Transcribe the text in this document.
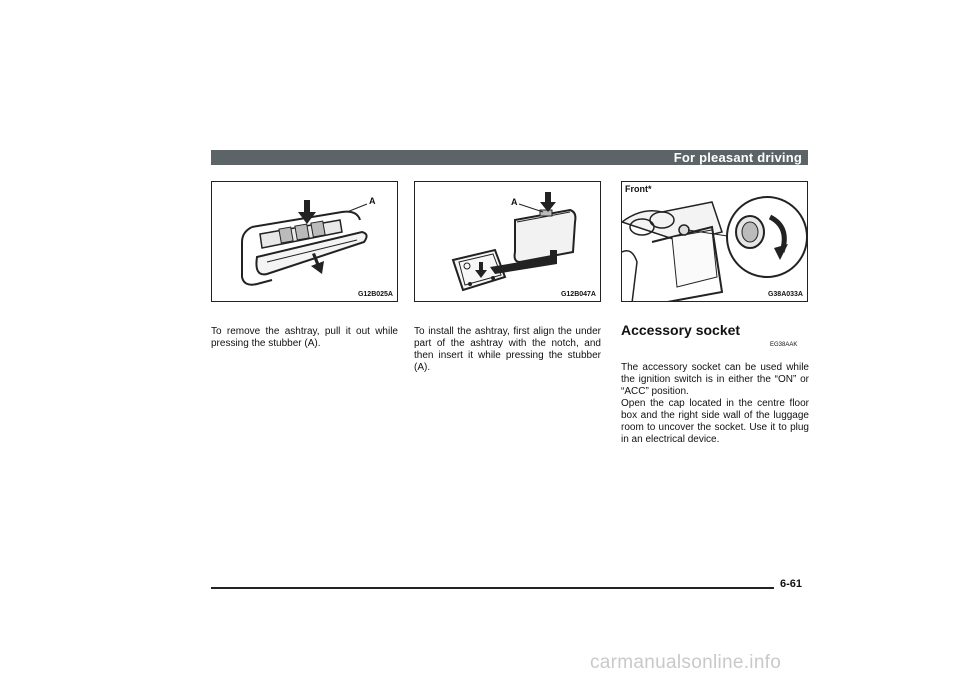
For pleasant driving
A
G12B025A
A
G12B047A
Front*
G38A033A
To remove the ashtray, pull it out while pressing the stubber (A).
To install the ashtray, first align the under part of the ashtray with the notch, and then insert it while pressing the stubber (A).
Accessory socket
EG38AAK
The accessory socket can be used while the ignition switch is in either the “ON” or “ACC” position.
Open the cap located in the centre floor box and the right side wall of the luggage room to uncover the socket. Use it to plug in an electrical device.
6-61
carmanualsonline.info
